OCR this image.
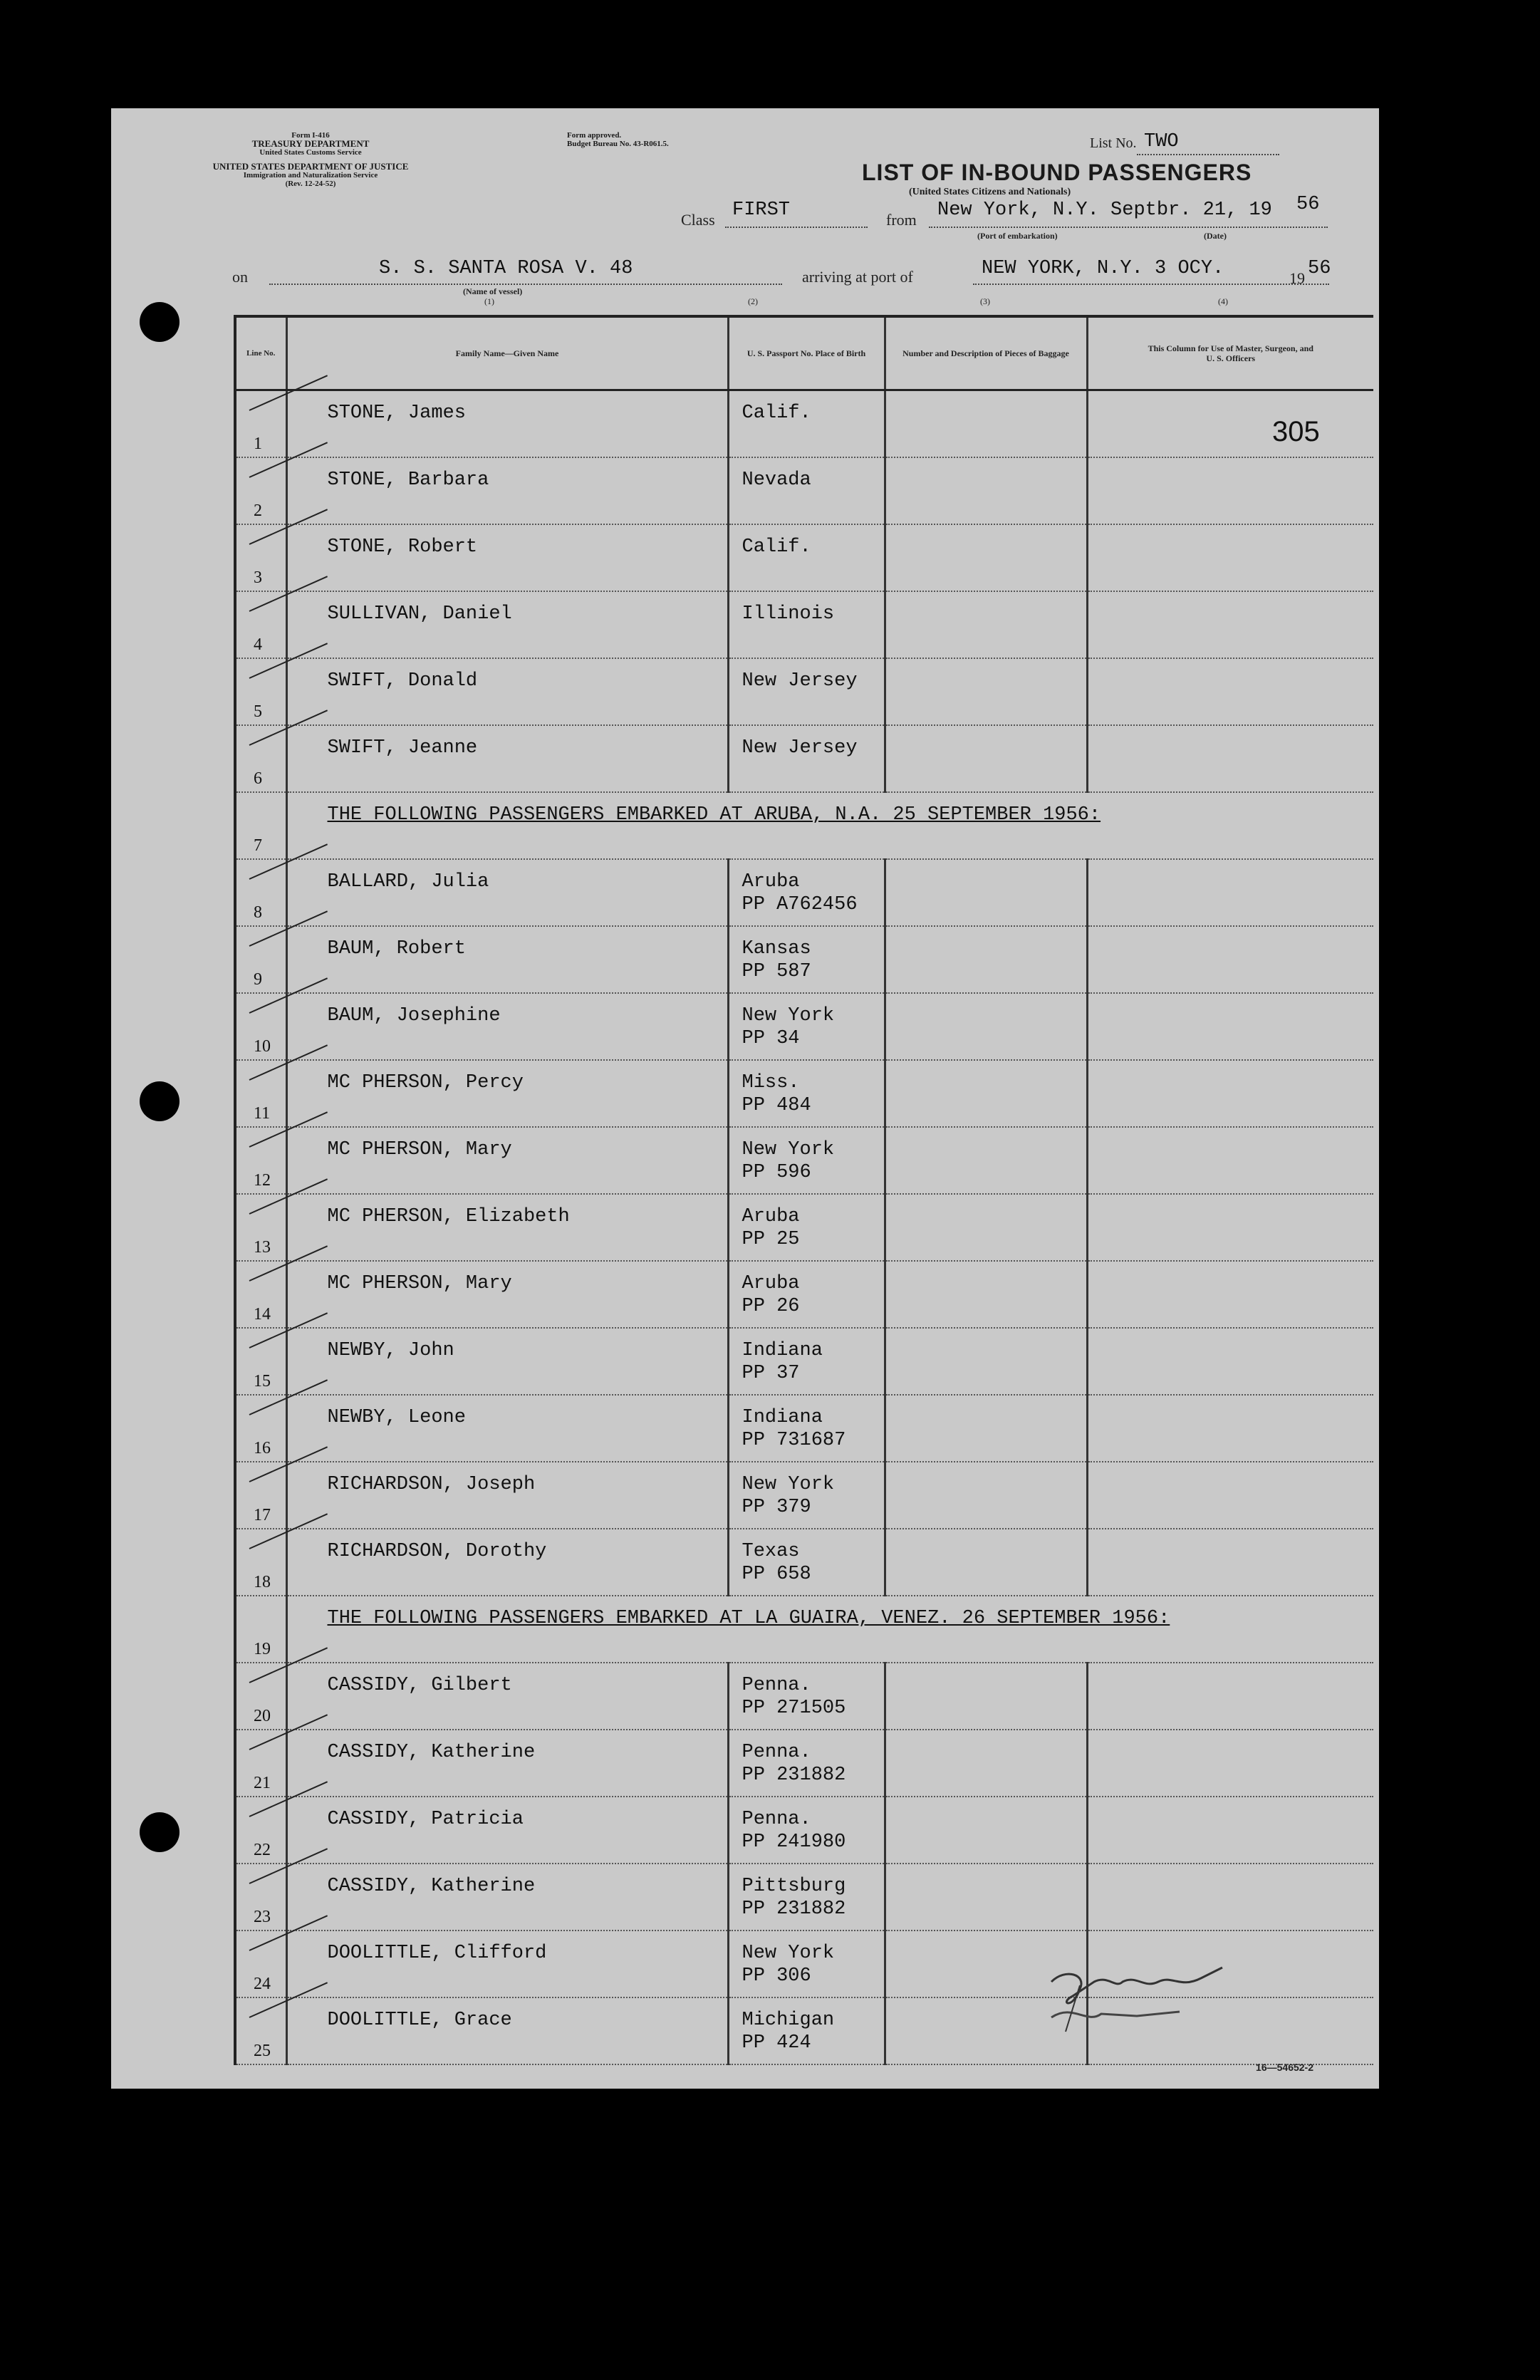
Form I-416
TREASURY DEPARTMENT
United States Customs Service
UNITED STATES DEPARTMENT OF JUSTICE
Immigration and Naturalization Service
(Rev. 12-24-52)
Form approved.
Budget Bureau No. 43-R061.5.	List No. TWO
LIST OF IN-BOUND PASSENGERS
(United States Citizens and Nationals)
Class FIRST	from New York, N.Y. Septbr. 21, 19 56
(Port of embarkation)	(Date)
on	S. S. SANTA ROSA V. 48
(Name of vessel)
(1)
arriving at port of	NEW YORK, N.Y. 3 OCY.	19 56
(2)	(3)	(4)
Line No.	Family Name—Given Name	U. S. Passport No. Place of Birth	Number and Description of Pieces of Baggage	This Column for Use of Master, Surgeon, and U. S. Officers

1	STONE, James	Calif.		

2	STONE, Barbara	Nevada		

3	STONE, Robert	Calif.		

4	SULLIVAN, Daniel	Illinois		

5	SWIFT, Donald	New Jersey		

6	SWIFT, Jeanne	New Jersey		

7	THE FOLLOWING PASSENGERS EMBARKED AT ARUBA, N.A. 25 SEPTEMBER 1956:			

8	BALLARD, Julia	Aruba
PP A762456		

9	BAUM, Robert	Kansas
PP 587		

10	BAUM, Josephine	New York
PP 34		

11	MC PHERSON, Percy	Miss.
PP 484		

12	MC PHERSON, Mary	New York
PP 596		

13	MC PHERSON, Elizabeth	Aruba
PP 25		

14	MC PHERSON, Mary	Aruba
PP 26		

15	NEWBY, John	Indiana
PP 37		

16	NEWBY, Leone	Indiana
PP 731687		

17	RICHARDSON, Joseph	New York
PP 379		

18	RICHARDSON, Dorothy	Texas
PP 658		

19	THE FOLLOWING PASSENGERS EMBARKED AT LA GUAIRA, VENEZ. 26 SEPTEMBER 1956:			

20	CASSIDY, Gilbert	Penna.
PP 271505		

21	CASSIDY, Katherine	Penna.
PP 231882		

22	CASSIDY, Patricia	Penna.
PP 241980		

23	CASSIDY, Katherine	Pittsburg
PP 231882		

24	DOOLITTLE, Clifford	New York
PP 306		

25	DOOLITTLE, Grace	Michigan
PP 424		

305
16—54652-2
